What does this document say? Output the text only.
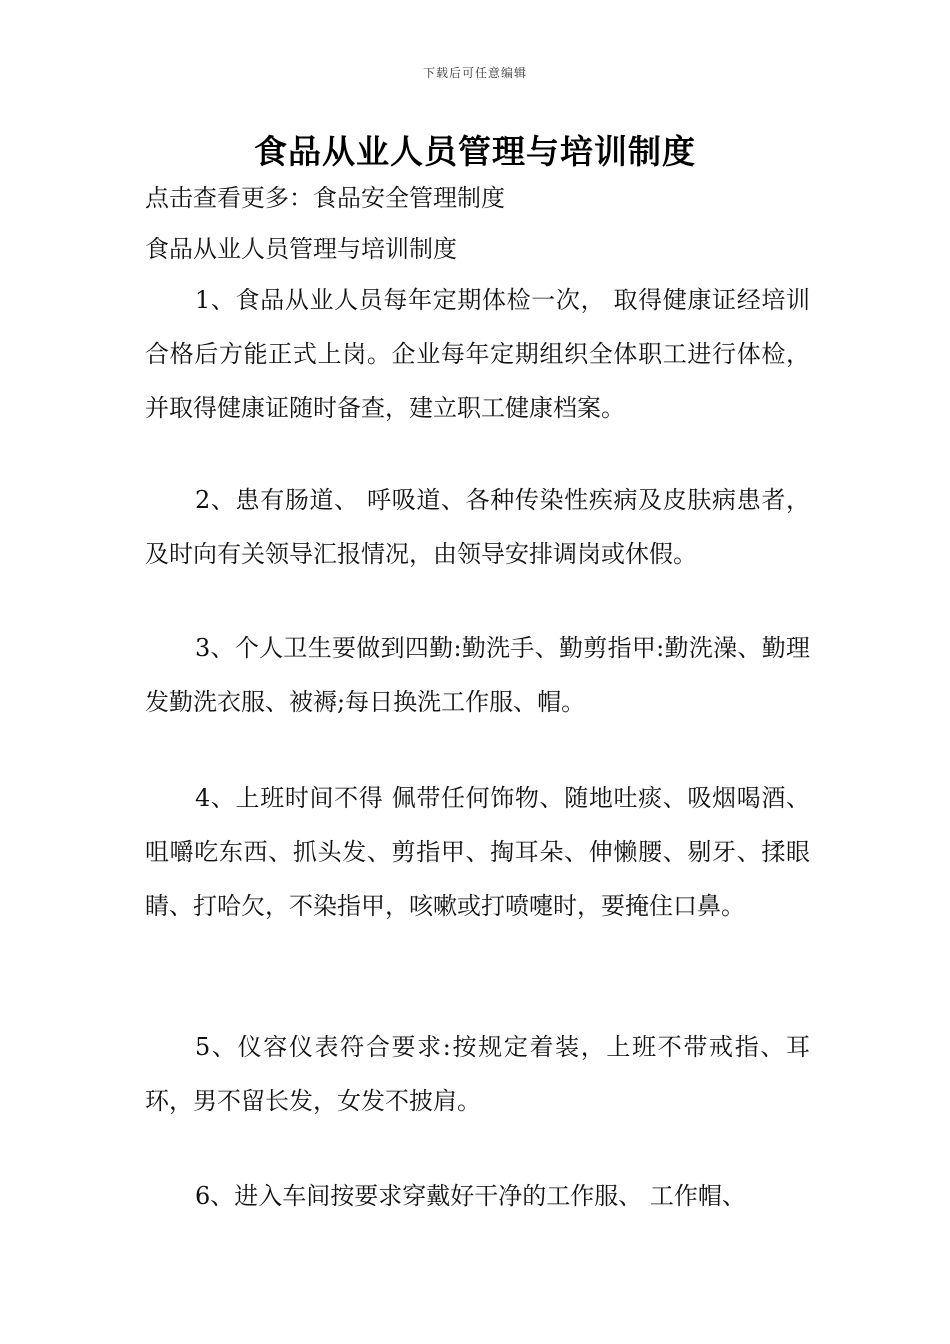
下载后可任意编辑
食品从业人员管理与培训制度
点击查看更多：食品安全管理制度
食品从业人员管理与培训制度

1、食品从业人员每年定期体检一次， 取得健康证经培训合格后方能正式上岗。企业每年定期组织全体职工进行体检，并取得健康证随时备查，建立职工健康档案。

2、患有肠道、 呼吸道、各种传染性疾病及皮肤病患者，及时向有关领导汇报情况，由领导安排调岗或休假。

3、个人卫生要做到四勤:勤洗手、勤剪指甲:勤洗澡、勤理发勤洗衣服、被褥;每日换洗工作服、帽。

4、上班时间不得 佩带任何饰物、随地吐痰、吸烟喝酒、咀嚼吃东西、抓头发、剪指甲、掏耳朵、伸懒腰、剔牙、揉眼睛、打哈欠，不染指甲，咳嗽或打喷嚏时，要掩住口鼻。

5、仪容仪表符合要求:按规定着装，上班不带戒指、耳环，男不留长发，女发不披肩。

6、进入车间按要求穿戴好干净的工作服、 工作帽、
